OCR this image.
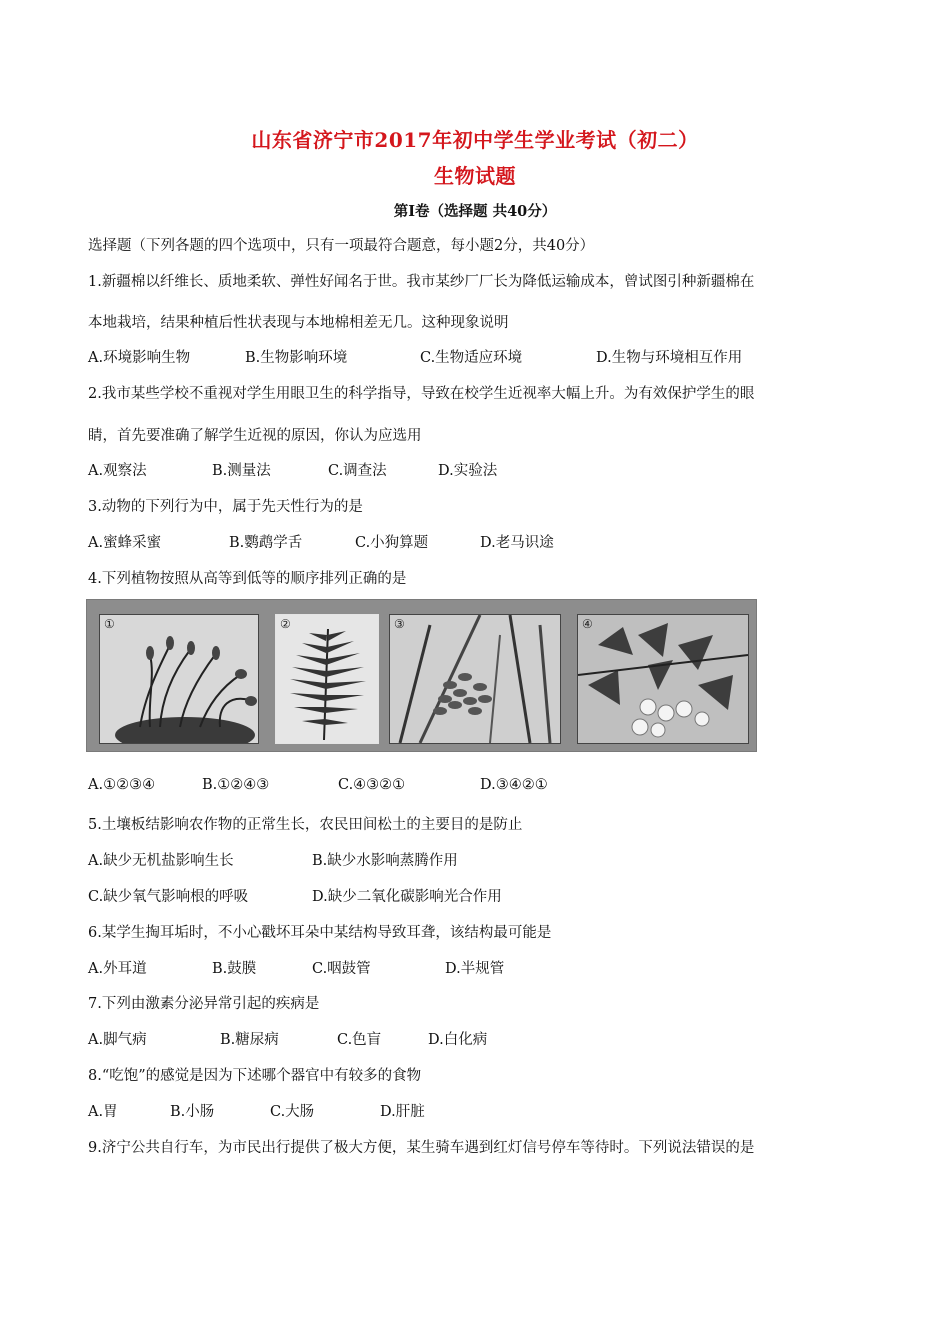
山东省济宁市2017年初中学生学业考试（初二）
生物试题
第Ⅰ卷（选择题 共40分）
选择题（下列各题的四个选项中，只有一项最符合题意，每小题2分，共40分）
1.新疆棉以纤维长、质地柔软、弹性好闻名于世。我市某纱厂厂长为降低运输成本，曾试图引种新疆棉在
本地栽培，结果种植后性状表现与本地棉相差无几。这种现象说明
A.环境影响生物	B.生物影响环境	C.生物适应环境	D.生物与环境相互作用
2.我市某些学校不重视对学生用眼卫生的科学指导，导致在校学生近视率大幅上升。为有效保护学生的眼
睛，首先要准确了解学生近视的原因，你认为应选用
A.观察法	B.测量法	C.调查法	D.实验法
3.动物的下列行为中，属于先天性行为的是
A.蜜蜂采蜜	B.鹦鹉学舌	C.小狗算题	D.老马识途
4.下列植物按照从高等到低等的顺序排列正确的是
①	②	③	④
A.①②③④	B.①②④③	C.④③②①	D.③④②①
5.土壤板结影响农作物的正常生长，农民田间松土的主要目的是防止
A.缺少无机盐影响生长	B.缺少水影响蒸腾作用
C.缺少氧气影响根的呼吸	D.缺少二氧化碳影响光合作用
6.某学生掏耳垢时，不小心戳坏耳朵中某结构导致耳聋，该结构最可能是
A.外耳道	B.鼓膜	C.咽鼓管	D.半规管
7.下列由激素分泌异常引起的疾病是
A.脚气病	B.糖尿病	C.色盲	D.白化病
8.“吃饱”的感觉是因为下述哪个器官中有较多的食物
A.胃	B.小肠	C.大肠	D.肝脏
9.济宁公共自行车，为市民出行提供了极大方便，某生骑车遇到红灯信号停车等待时。下列说法错误的是
